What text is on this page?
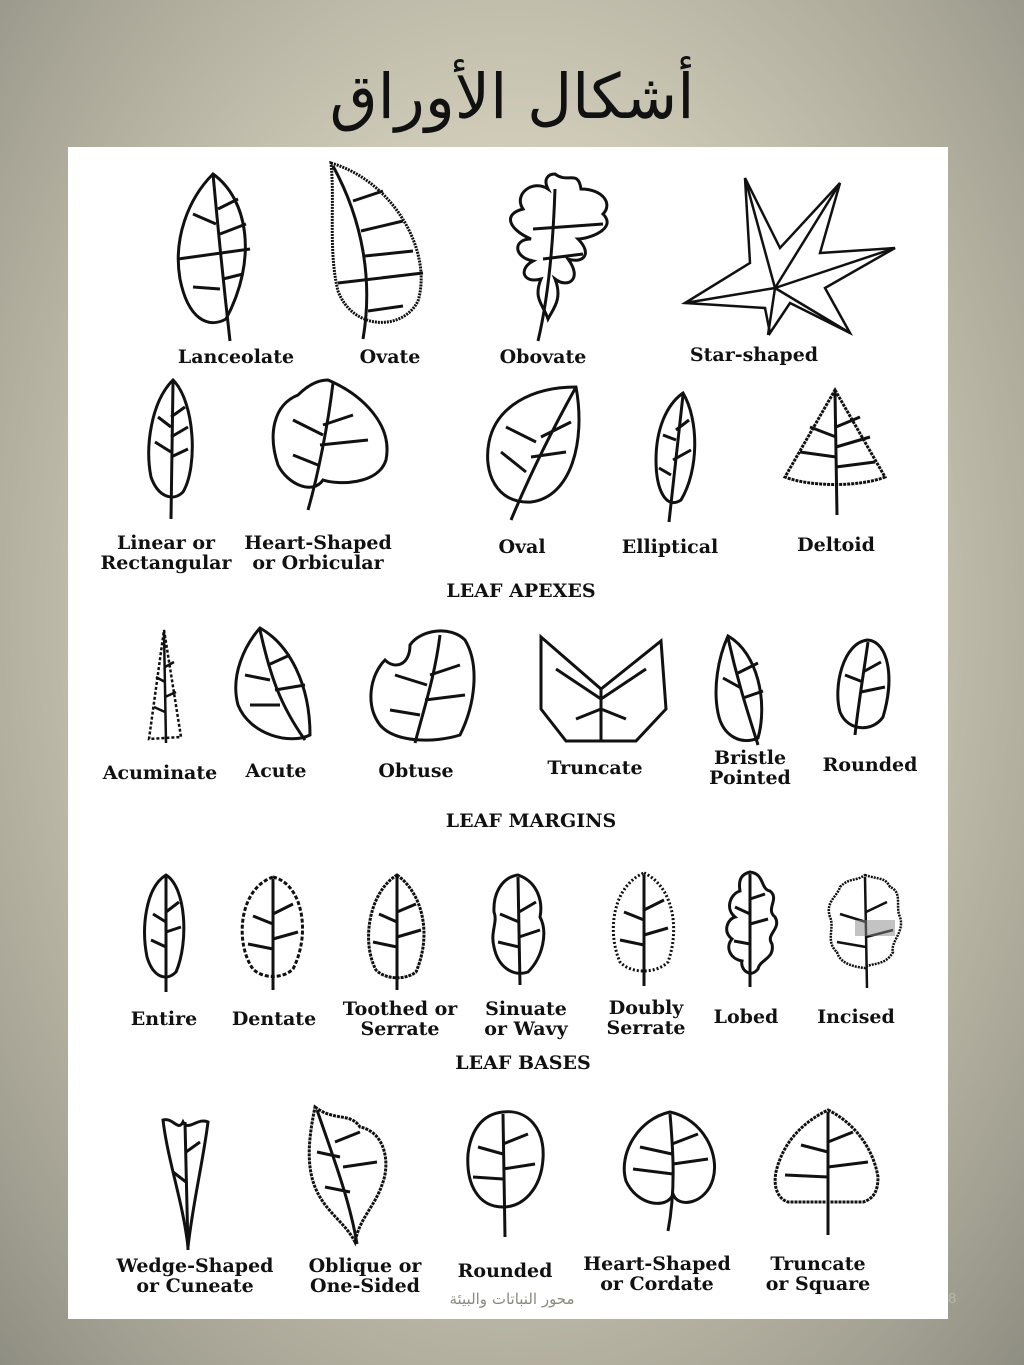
أشكال الأوراق
Lanceolate	Ovate	Obovate	Star-shaped
Linear or
Rectangular
Heart-Shaped
or Orbicular
Oval	Elliptical	Deltoid
LEAF APEXES
Acuminate Acute	Obtuse	Truncate	Bristle
Pointed
Rounded
LEAF MARGINS
Entire Dentate Toothed or
Serrate
Sinuate
or Wavy
Doubly
Serrate Lobed Incised
LEAF BASES
Wedge-Shaped
or Cuneate
Oblique or
One-Sided
Rounded Heart-Shaped
or Cordate
Truncate
or Square
محور النباتات والبيئة	8
